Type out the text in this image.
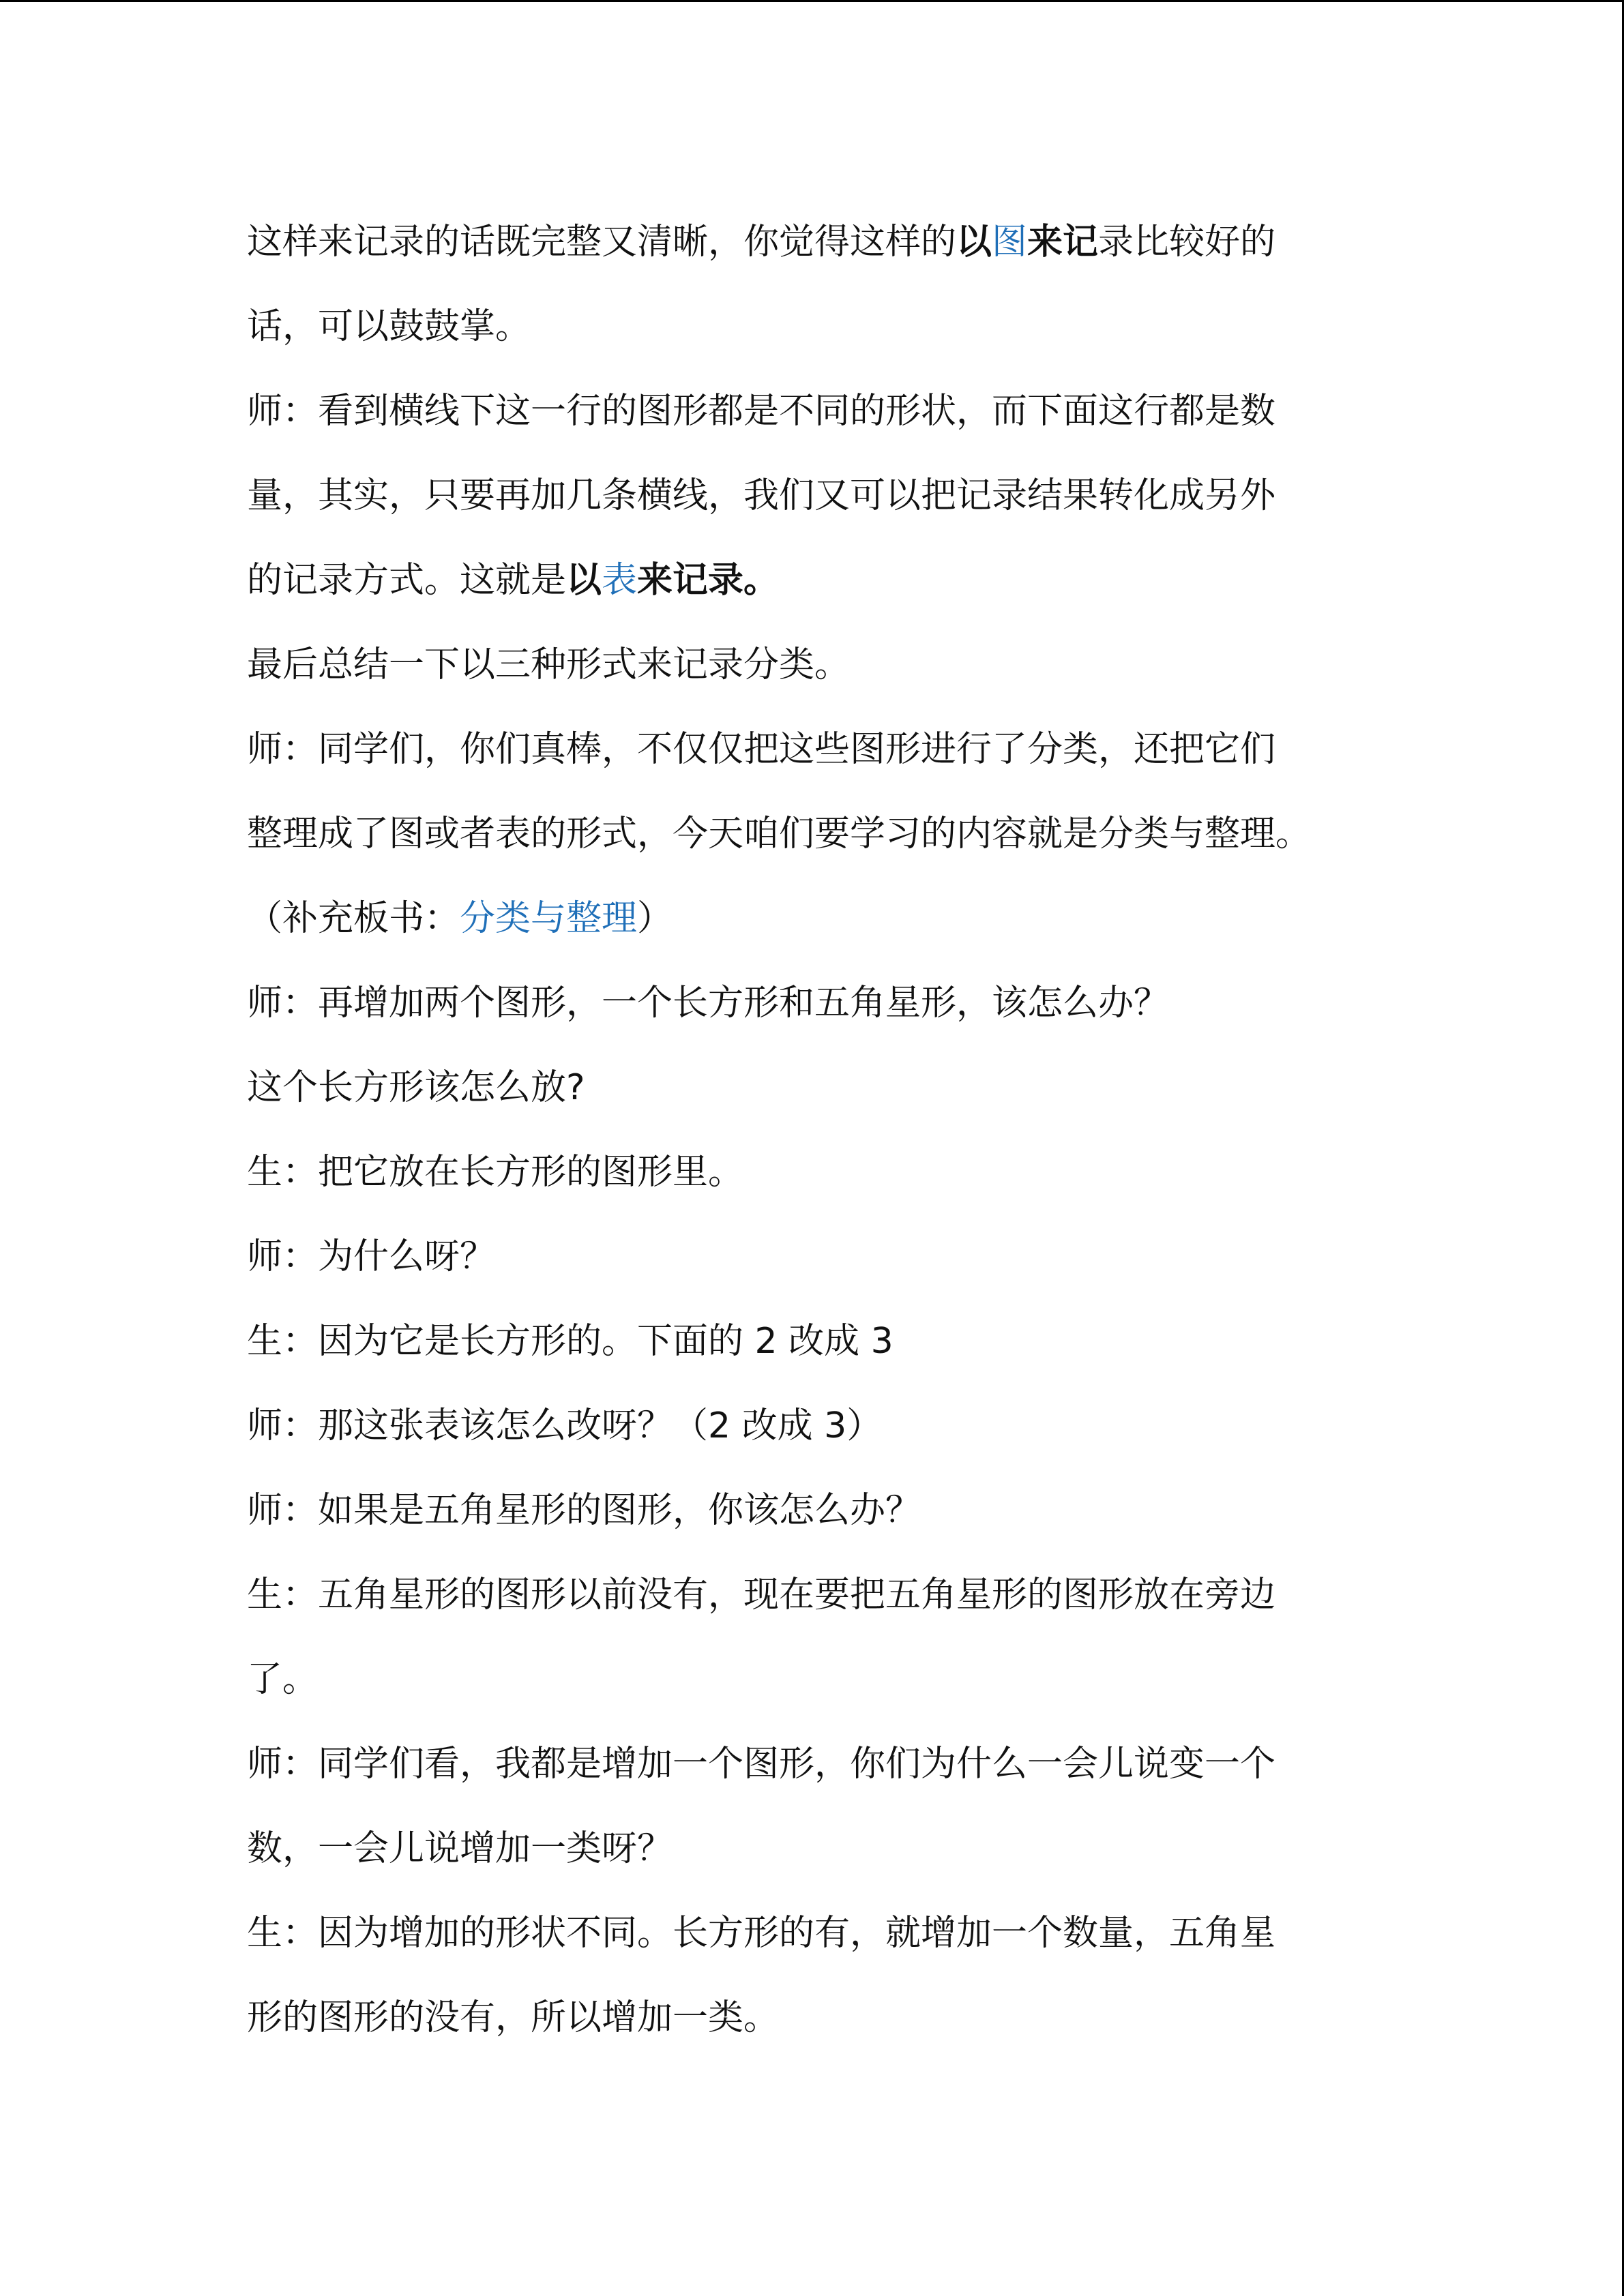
这样来记录的话既完整又清晰，你觉得这样的以图来记录比较好的
话，可以鼓鼓掌。
师：看到横线下这一行的图形都是不同的形状，而下面这行都是数
量，其实，只要再加几条横线，我们又可以把记录结果转化成另外
的记录方式。这就是以表来记录。
最后总结一下以三种形式来记录分类。
师：同学们，你们真棒，不仅仅把这些图形进行了分类，还把它们
整理成了图或者表的形式，今天咱们要学习的内容就是分类与整理。
（补充板书：分类与整理）
师：再增加两个图形，一个长方形和五角星形，该怎么办？
这个长方形该怎么放?
生：把它放在长方形的图形里。
师：为什么呀？
生：因为它是长方形的。下面的 2 改成 3
师：那这张表该怎么改呀？（2 改成 3）
师：如果是五角星形的图形，你该怎么办？
生：五角星形的图形以前没有，现在要把五角星形的图形放在旁边
了。
师：同学们看，我都是增加一个图形，你们为什么一会儿说变一个
数，一会儿说增加一类呀？
生：因为增加的形状不同。长方形的有，就增加一个数量，五角星
形的图形的没有，所以增加一类。
